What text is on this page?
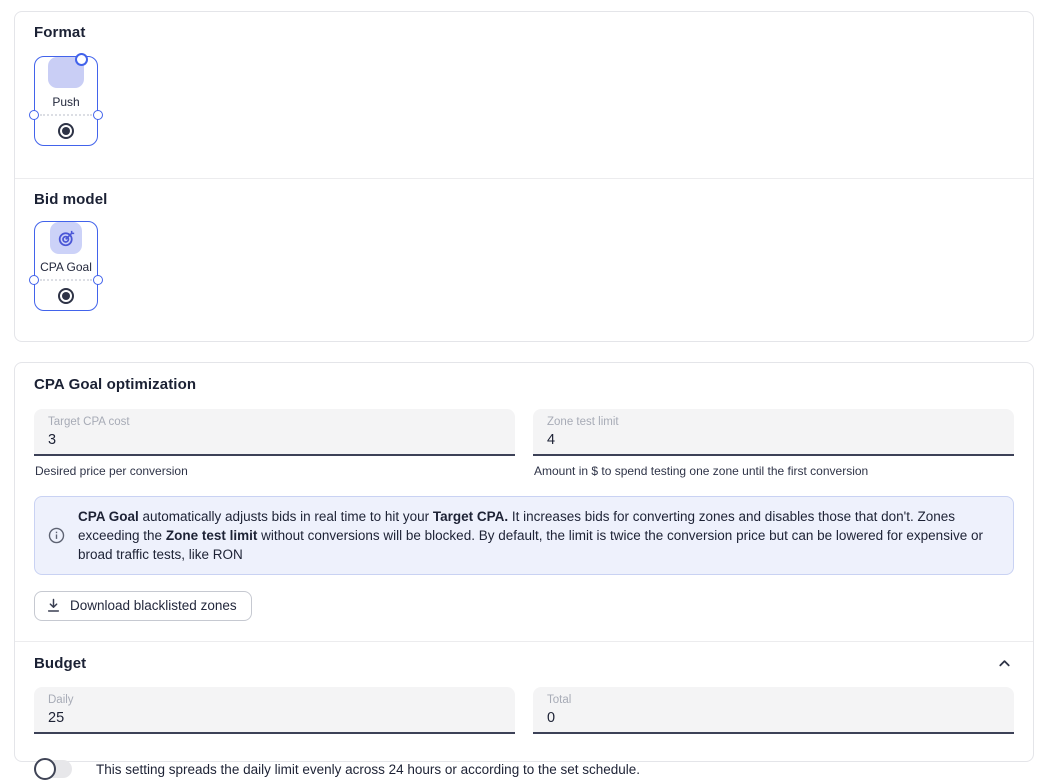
Format
Push
Bid model
CPA Goal
CPA Goal optimization
Target CPA cost
3
Desired price per conversion
Zone test limit
4
Amount in $ to spend testing one zone until the first conversion
CPA Goal automatically adjusts bids in real time to hit your Target CPA. It increases bids for converting zones and disables those that don't. Zones exceeding the Zone test limit without conversions will be blocked. By default, the limit is twice the conversion price but can be lowered for expensive or broad traffic tests, like RON
Download blacklisted zones
Budget
Daily
25	Total
0
This setting spreads the daily limit evenly across 24 hours or according to the set schedule.
